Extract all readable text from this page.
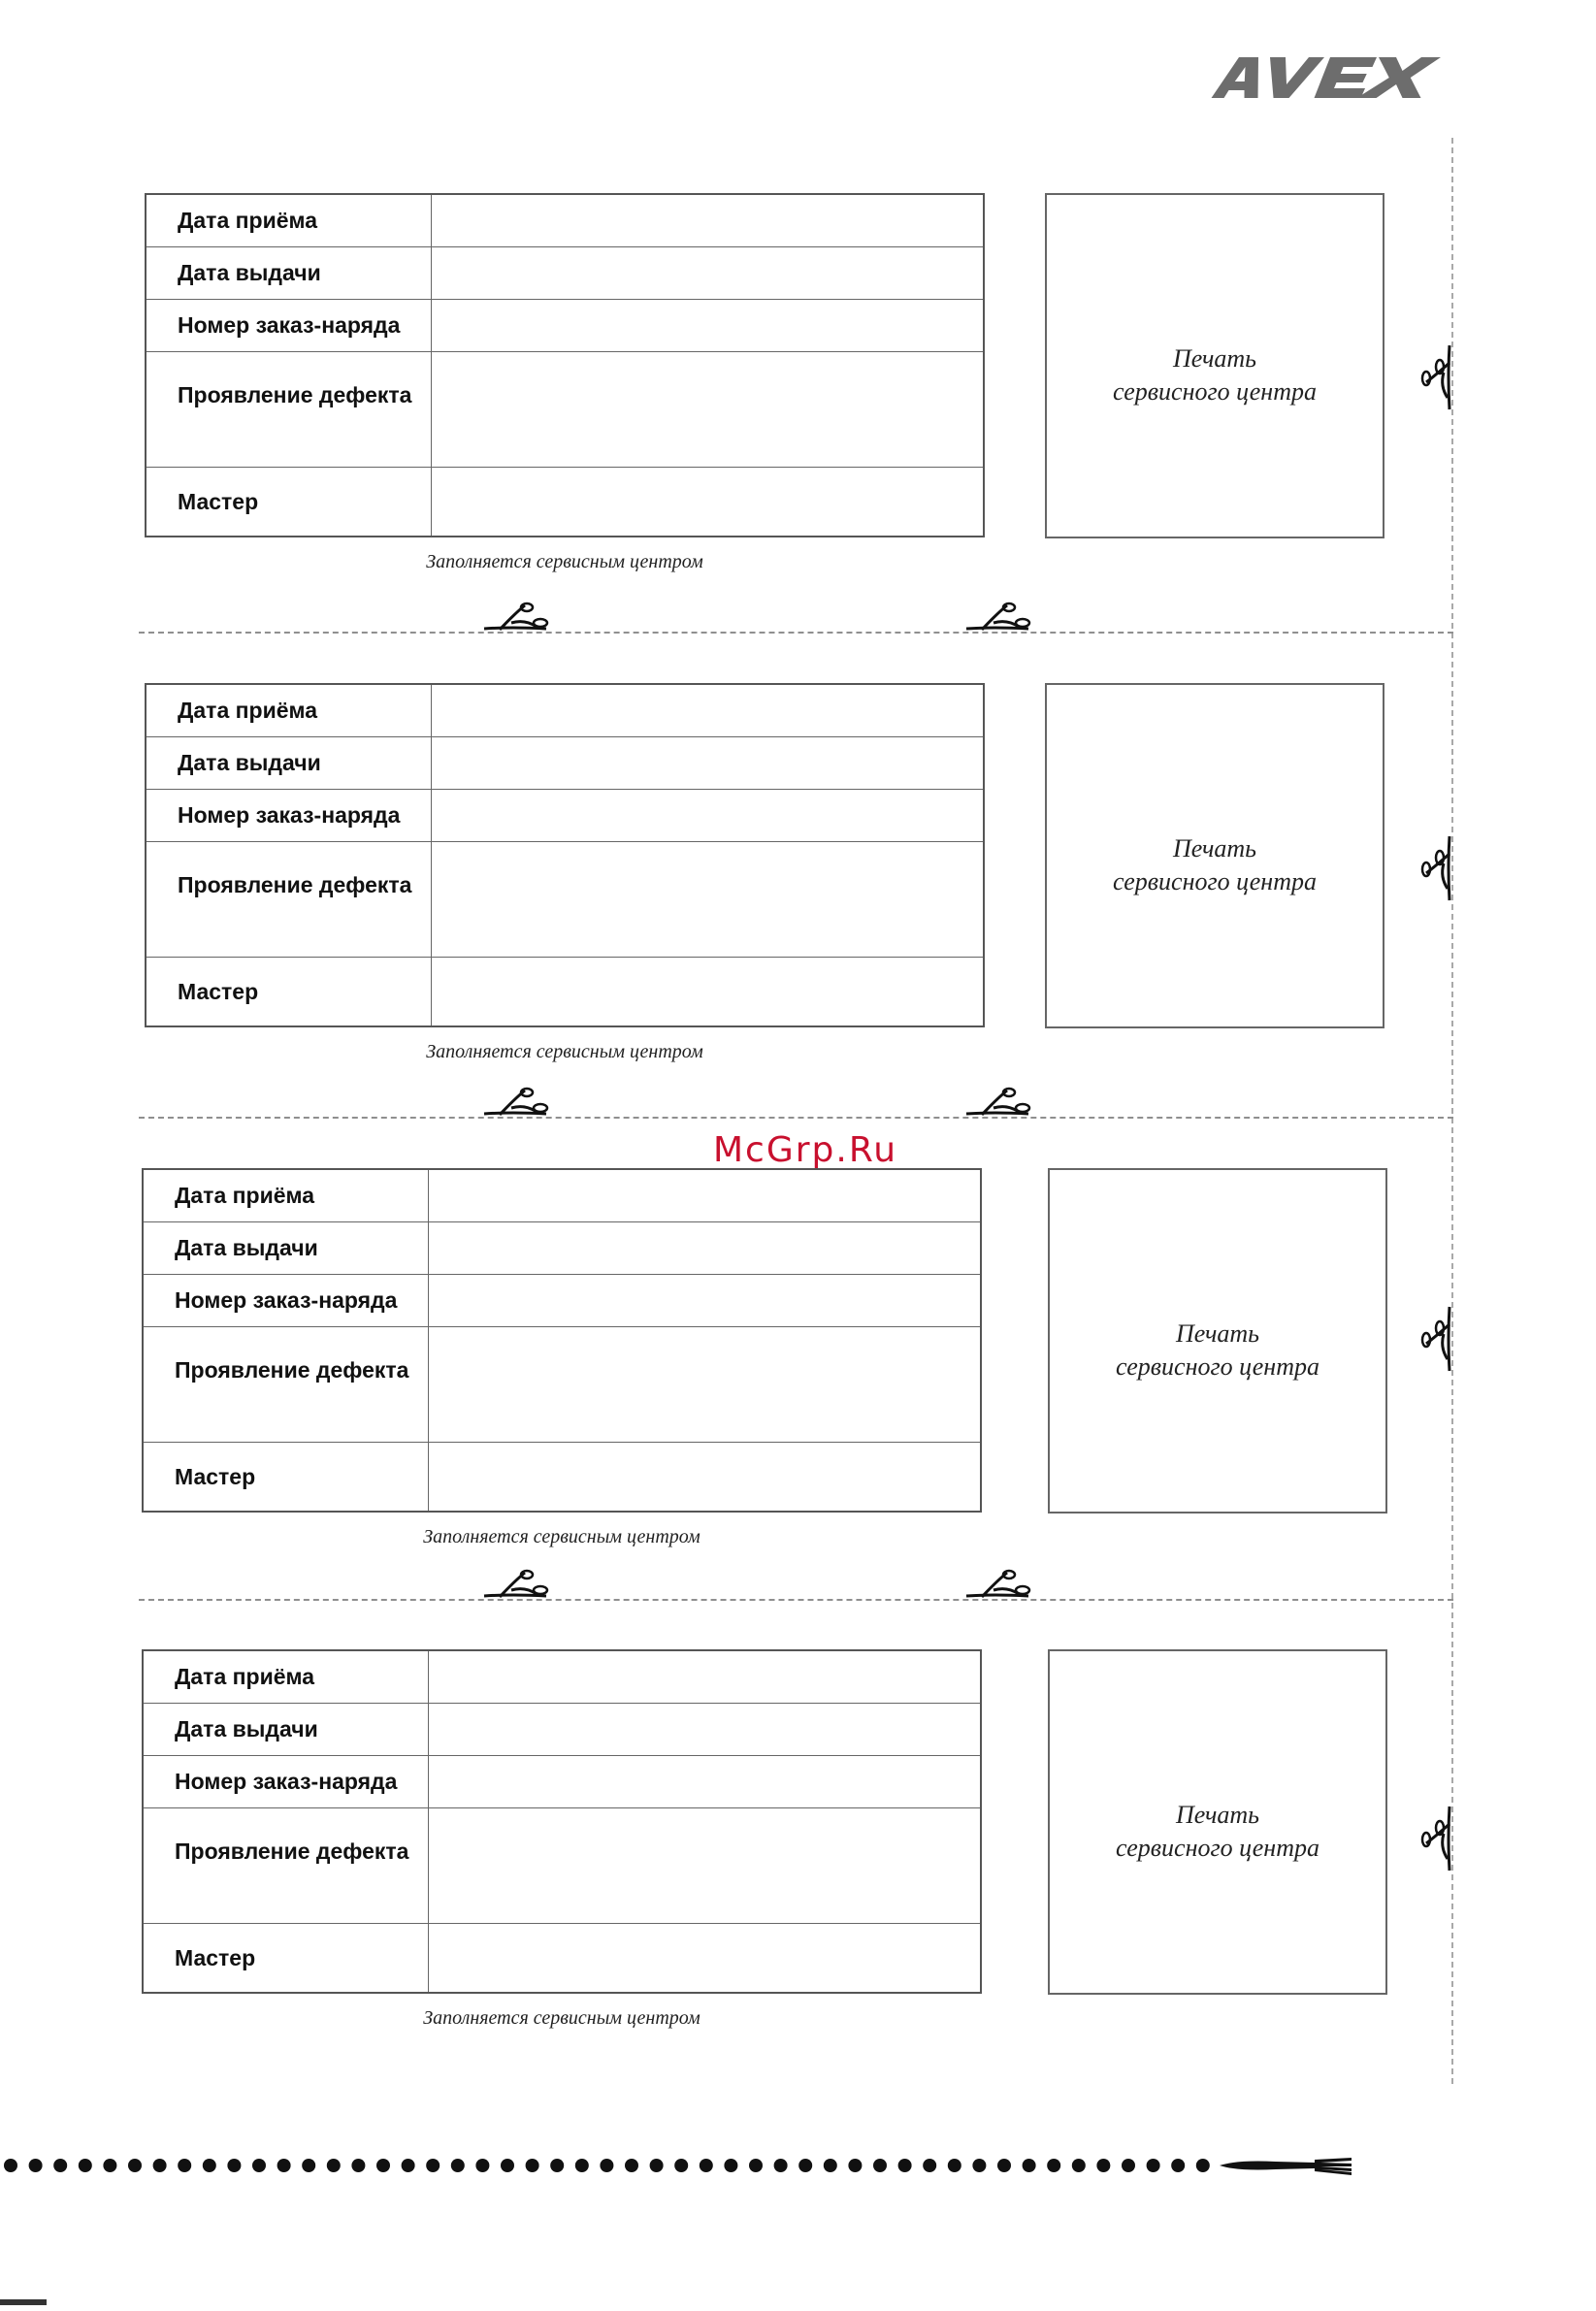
McGrp.Ru
Дата приёма	

Дата выдачи	

Номер заказ-наряда	

Проявление дефекта	

Мастер	

Заполняется сервисным центром
Печать
сервисного центра
Дата приёма	

Дата выдачи	

Номер заказ-наряда	

Проявление дефекта	

Мастер	

Заполняется сервисным центром
Печать
сервисного центра
Дата приёма	

Дата выдачи	

Номер заказ-наряда	

Проявление дефекта	

Мастер	

Заполняется сервисным центром
Печать
сервисного центра
Дата приёма	

Дата выдачи	

Номер заказ-наряда	

Проявление дефекта	

Мастер	

Заполняется сервисным центром
Печать
сервисного центра
